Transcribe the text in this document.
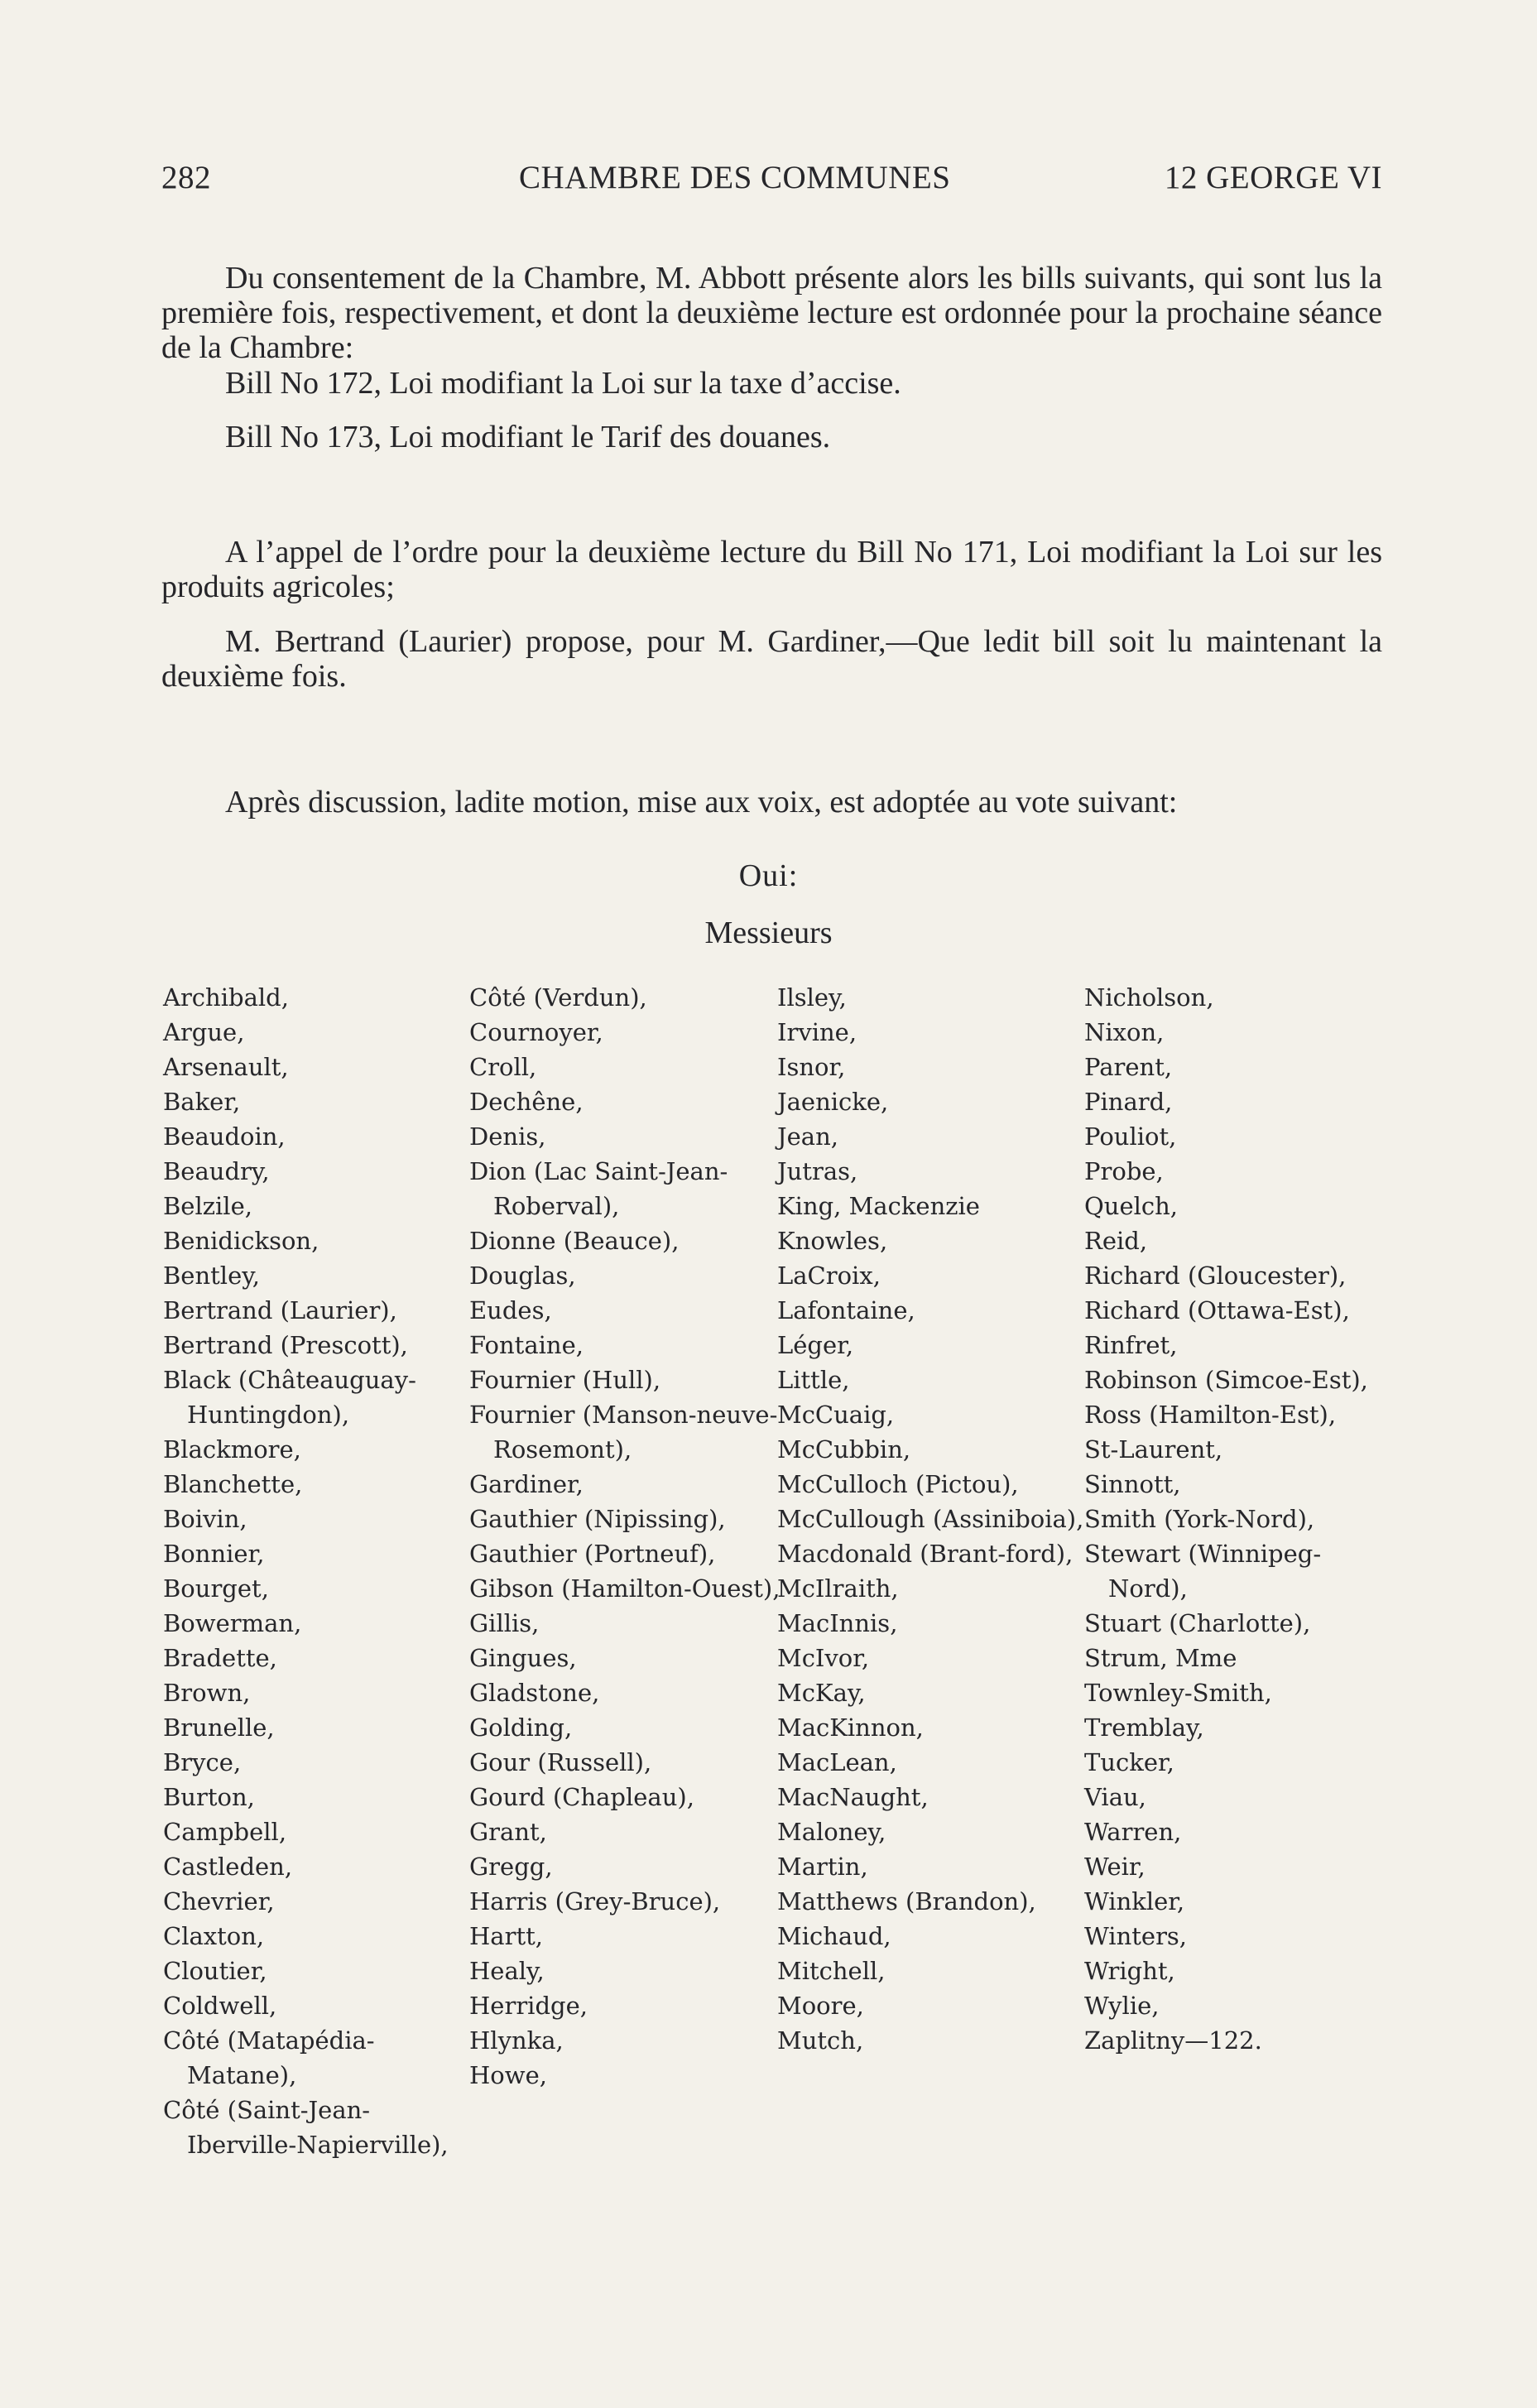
282	CHAMBRE DES COMMUNES	12 GEORGE VI
Du consentement de la Chambre, M. Abbott présente alors les bills suivants, qui sont lus la première fois, respectivement, et dont la deuxième lecture est ordonnée pour la prochaine séance de la Chambre:
Bill No 172, Loi modifiant la Loi sur la taxe d’accise.
Bill No 173, Loi modifiant le Tarif des douanes.
A l’appel de l’ordre pour la deuxième lecture du Bill No 171, Loi modifiant la Loi sur les produits agricoles;
M. Bertrand (Laurier) propose, pour M. Gardiner,—Que ledit bill soit lu maintenant la deuxième fois.
Après discussion, ladite motion, mise aux voix, est adoptée au vote suivant:
Oui:
Messieurs
Archibald,
Argue,
Arsenault,
Baker,
Beaudoin,
Beaudry,
Belzile,
Benidickson,
Bentley,
Bertrand (Laurier),
Bertrand (Prescott),
Black (Châteauguay-Huntingdon),
Blackmore,
Blanchette,
Boivin,
Bonnier,
Bourget,
Bowerman,
Bradette,
Brown,
Brunelle,
Bryce,
Burton,
Campbell,
Castleden,
Chevrier,
Claxton,
Cloutier,
Coldwell,
Côté (Matapédia-Matane),
Côté (Saint-Jean-Iberville-Napierville),
Côté (Verdun),
Cournoyer,
Croll,
Dechêne,
Denis,
Dion (Lac Saint-Jean-Roberval),
Dionne (Beauce),
Douglas,
Eudes,
Fontaine,
Fournier (Hull),
Fournier (Manson-neuve-Rosemont),
Gardiner,
Gauthier (Nipissing),
Gauthier (Portneuf),
Gibson (Hamilton-Ouest),
Gillis,
Gingues,
Gladstone,
Golding,
Gour (Russell),
Gourd (Chapleau),
Grant,
Gregg,
Harris (Grey-Bruce),
Hartt,
Healy,
Herridge,
Hlynka,
Howe,
Ilsley,
Irvine,
Isnor,
Jaenicke,
Jean,
Jutras,
King, Mackenzie
Knowles,
LaCroix,
Lafontaine,
Léger,
Little,
McCuaig,
McCubbin,
McCulloch (Pictou),
McCullough (Assiniboia),
Macdonald (Brant-ford),
McIlraith,
MacInnis,
McIvor,
McKay,
MacKinnon,
MacLean,
MacNaught,
Maloney,
Martin,
Matthews (Brandon),
Michaud,
Mitchell,
Moore,
Mutch,
Nicholson,
Nixon,
Parent,
Pinard,
Pouliot,
Probe,
Quelch,
Reid,
Richard (Gloucester),
Richard (Ottawa-Est),
Rinfret,
Robinson (Simcoe-Est),
Ross (Hamilton-Est),
St-Laurent,
Sinnott,
Smith (York-Nord),
Stewart (Winnipeg-Nord),
Stuart (Charlotte),
Strum, Mme
Townley-Smith,
Tremblay,
Tucker,
Viau,
Warren,
Weir,
Winkler,
Winters,
Wright,
Wylie,
Zaplitny—122.
